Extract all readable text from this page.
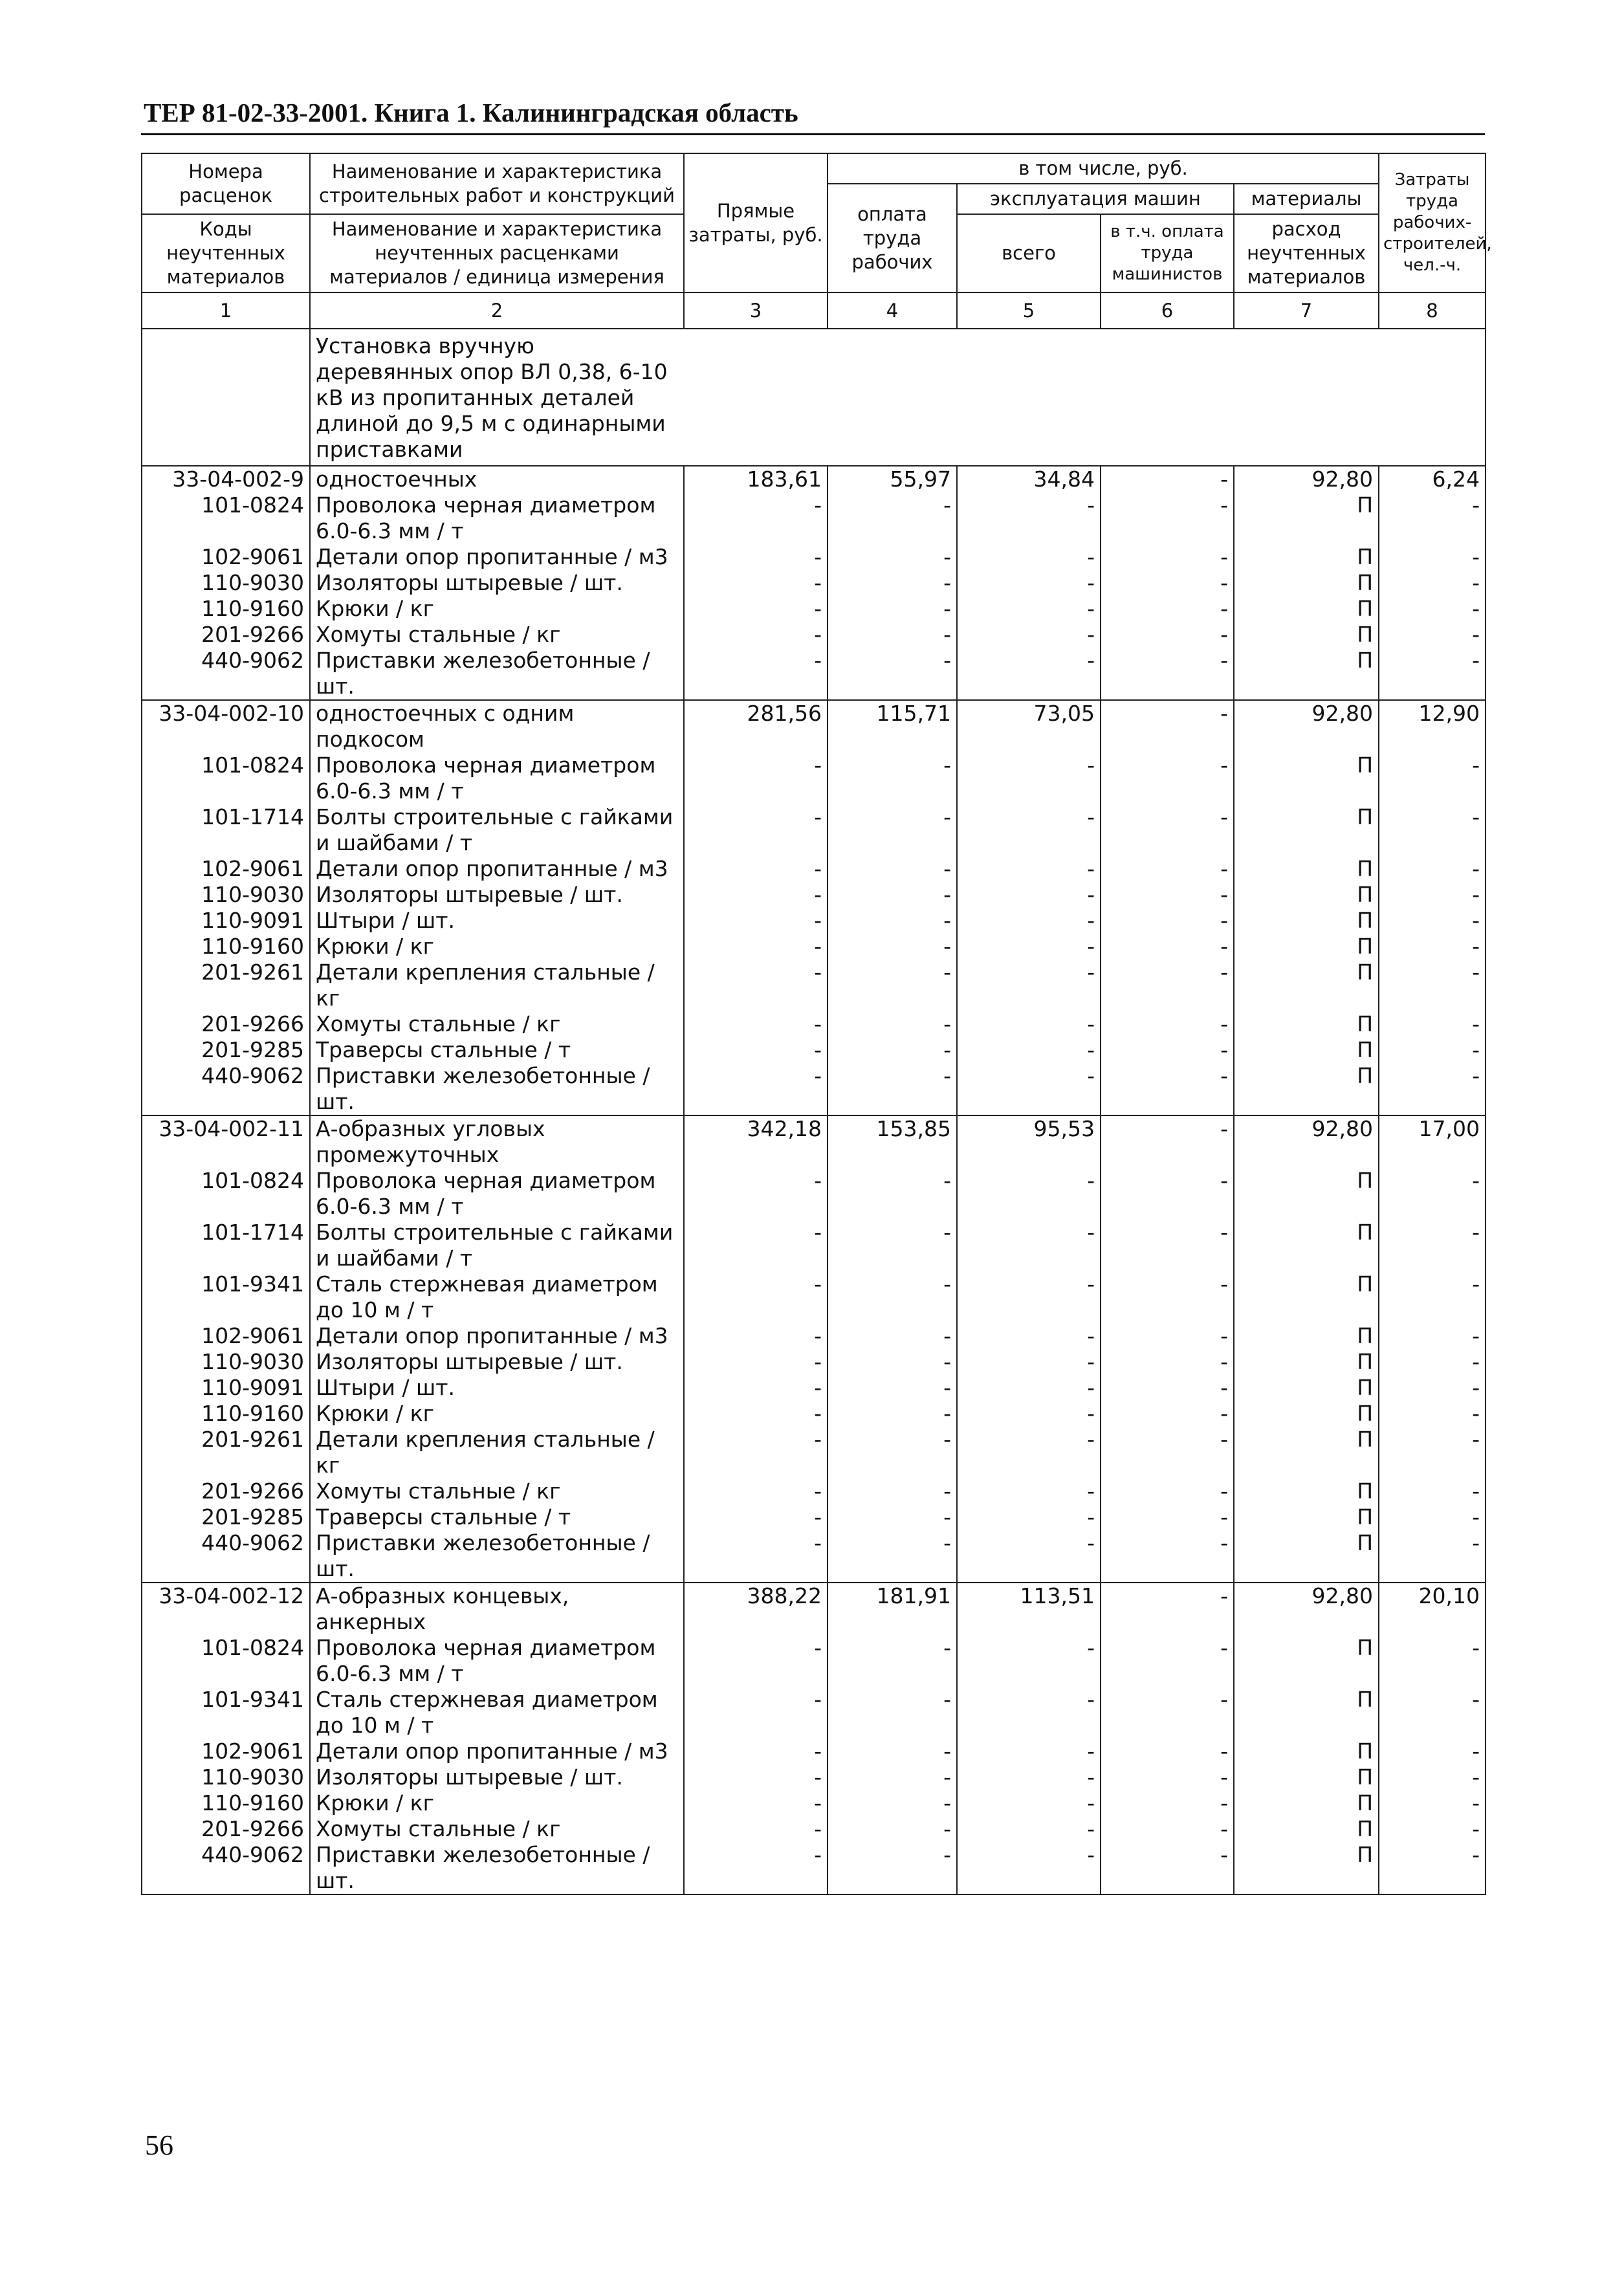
ТЕР 81-02-33-2001. Книга 1. Калининградская область
Номера расценок	Наименование и характеристика строительных работ и конструкций	Прямые затраты, руб.	в том числе, руб.				Затраты труда рабочих-строителей, чел.-ч.
			оплата труда рабочих	эксплуатация машин		материалы	
Коды неучтенных материалов	Наименование и характеристика неучтенных расценками материалов / единица измерения			всего	в т.ч. оплата труда машинистов	расход неучтенных материалов	

1	2	3	4	5	6	7	8

	Установка вручную деревянных опор ВЛ 0,38, 6-10 кВ из пропитанных деталей длиной до 9,5 м с одинарными приставками						

33-04-002-9	одностоечных	183,61	55,97	34,84	-	92,80	6,24
101-0824	Проволока черная диаметром 6.0-6.3 мм / т	-	-	-	-	П	-
102-9061	Детали опор пропитанные / м3	-	-	-	-	П	-
110-9030	Изоляторы штыревые / шт.	-	-	-	-	П	-
110-9160	Крюки / кг	-	-	-	-	П	-
201-9266	Хомуты стальные / кг	-	-	-	-	П	-
440-9062	Приставки железобетонные / шт.	-	-	-	-	П	-
33-04-002-10	одностоечных с одним подкосом	281,56	115,71	73,05	-	92,80	12,90
101-0824	Проволока черная диаметром 6.0-6.3 мм / т	-	-	-	-	П	-
101-1714	Болты строительные с гайками и шайбами / т	-	-	-	-	П	-
102-9061	Детали опор пропитанные / м3	-	-	-	-	П	-
110-9030	Изоляторы штыревые / шт.	-	-	-	-	П	-
110-9091	Штыри / шт.	-	-	-	-	П	-
110-9160	Крюки / кг	-	-	-	-	П	-
201-9261	Детали крепления стальные / кг	-	-	-	-	П	-
201-9266	Хомуты стальные / кг	-	-	-	-	П	-
201-9285	Траверсы стальные / т	-	-	-	-	П	-
440-9062	Приставки железобетонные / шт.	-	-	-	-	П	-
33-04-002-11	А-образных угловых промежуточных	342,18	153,85	95,53	-	92,80	17,00
101-0824	Проволока черная диаметром 6.0-6.3 мм / т	-	-	-	-	П	-
101-1714	Болты строительные с гайками и шайбами / т	-	-	-	-	П	-
101-9341	Сталь стержневая диаметром до 10 м / т	-	-	-	-	П	-
102-9061	Детали опор пропитанные / м3	-	-	-	-	П	-
110-9030	Изоляторы штыревые / шт.	-	-	-	-	П	-
110-9091	Штыри / шт.	-	-	-	-	П	-
110-9160	Крюки / кг	-	-	-	-	П	-
201-9261	Детали крепления стальные / кг	-	-	-	-	П	-
201-9266	Хомуты стальные / кг	-	-	-	-	П	-
201-9285	Траверсы стальные / т	-	-	-	-	П	-
440-9062	Приставки железобетонные / шт.	-	-	-	-	П	-
33-04-002-12	А-образных концевых, анкерных	388,22	181,91	113,51	-	92,80	20,10
101-0824	Проволока черная диаметром 6.0-6.3 мм / т	-	-	-	-	П	-
101-9341	Сталь стержневая диаметром до 10 м / т	-	-	-	-	П	-
102-9061	Детали опор пропитанные / м3	-	-	-	-	П	-
110-9030	Изоляторы штыревые / шт.	-	-	-	-	П	-
110-9160	Крюки / кг	-	-	-	-	П	-
201-9266	Хомуты стальные / кг	-	-	-	-	П	-
440-9062	Приставки железобетонные / шт.	-	-	-	-	П	-
56
